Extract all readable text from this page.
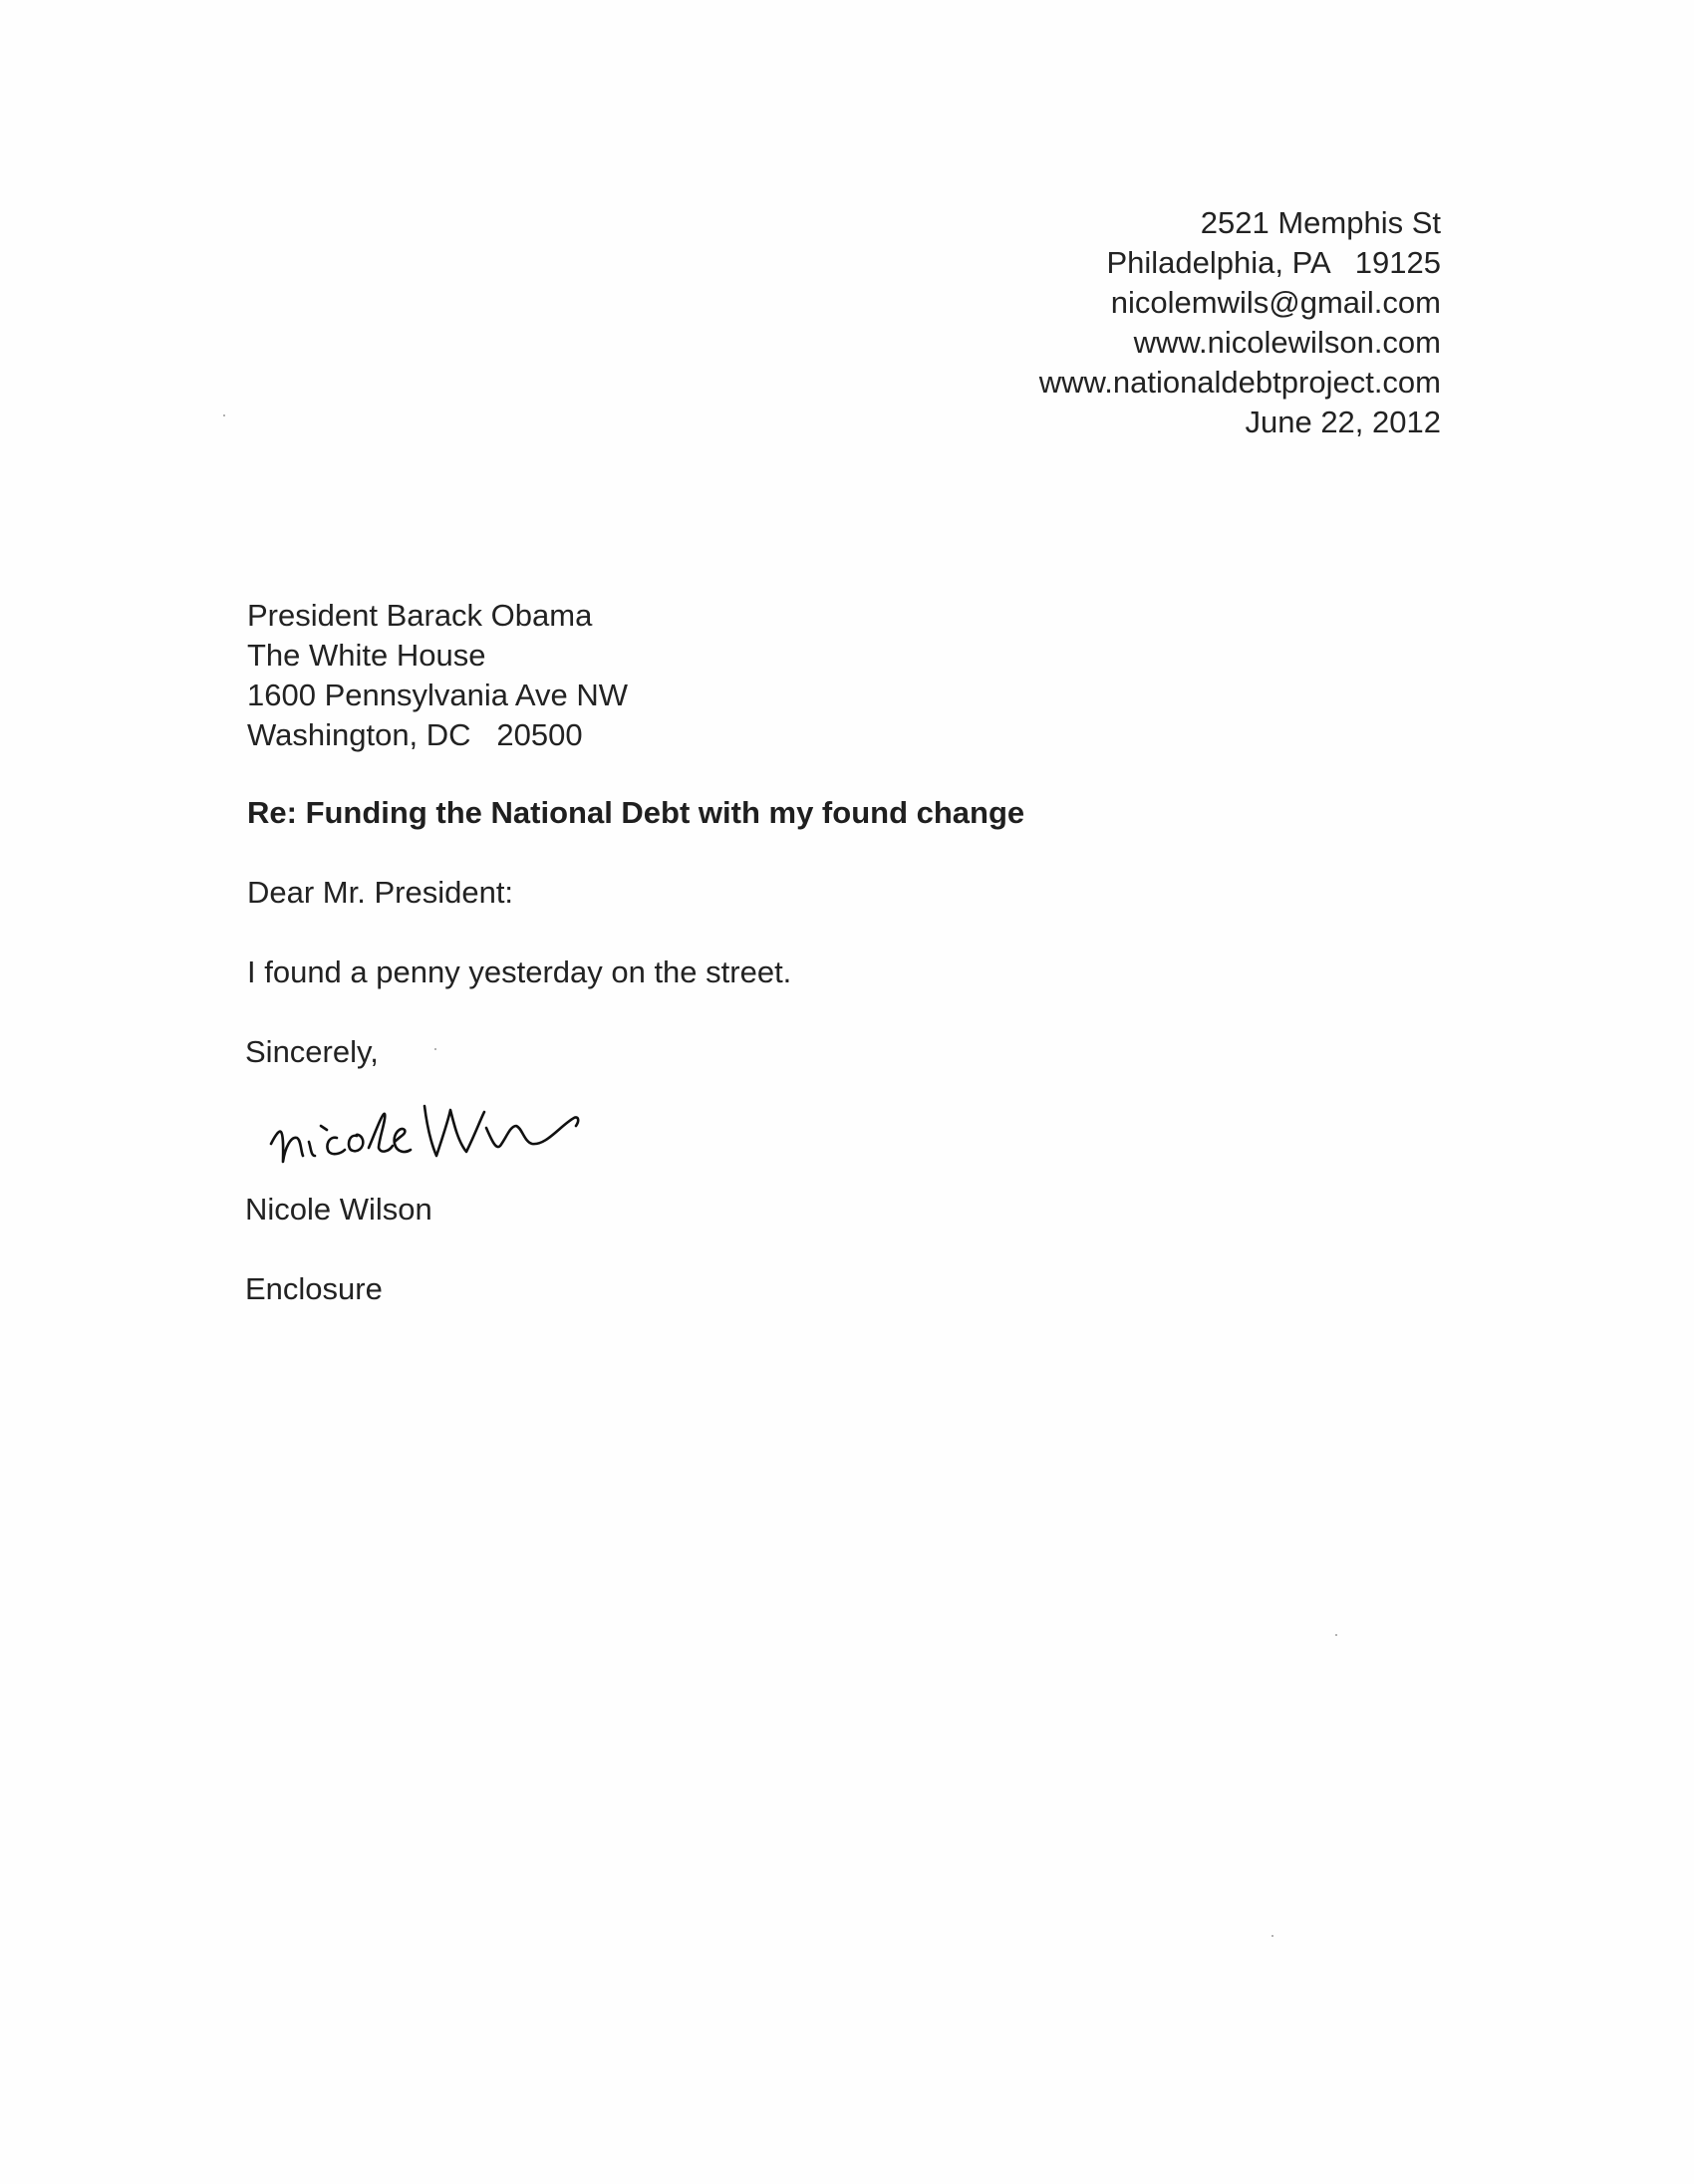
2521 Memphis St
Philadelphia, PA   19125
nicolemwils@gmail.com
www.nicolewilson.com
www.nationaldebtproject.com
June 22, 2012
President Barack Obama
The White House
1600 Pennsylvania Ave NW
Washington, DC   20500
Re: Funding the National Debt with my found change
Dear Mr. President:
I found a penny yesterday on the street.
Sincerely,
Nicole Wilson
Enclosure
